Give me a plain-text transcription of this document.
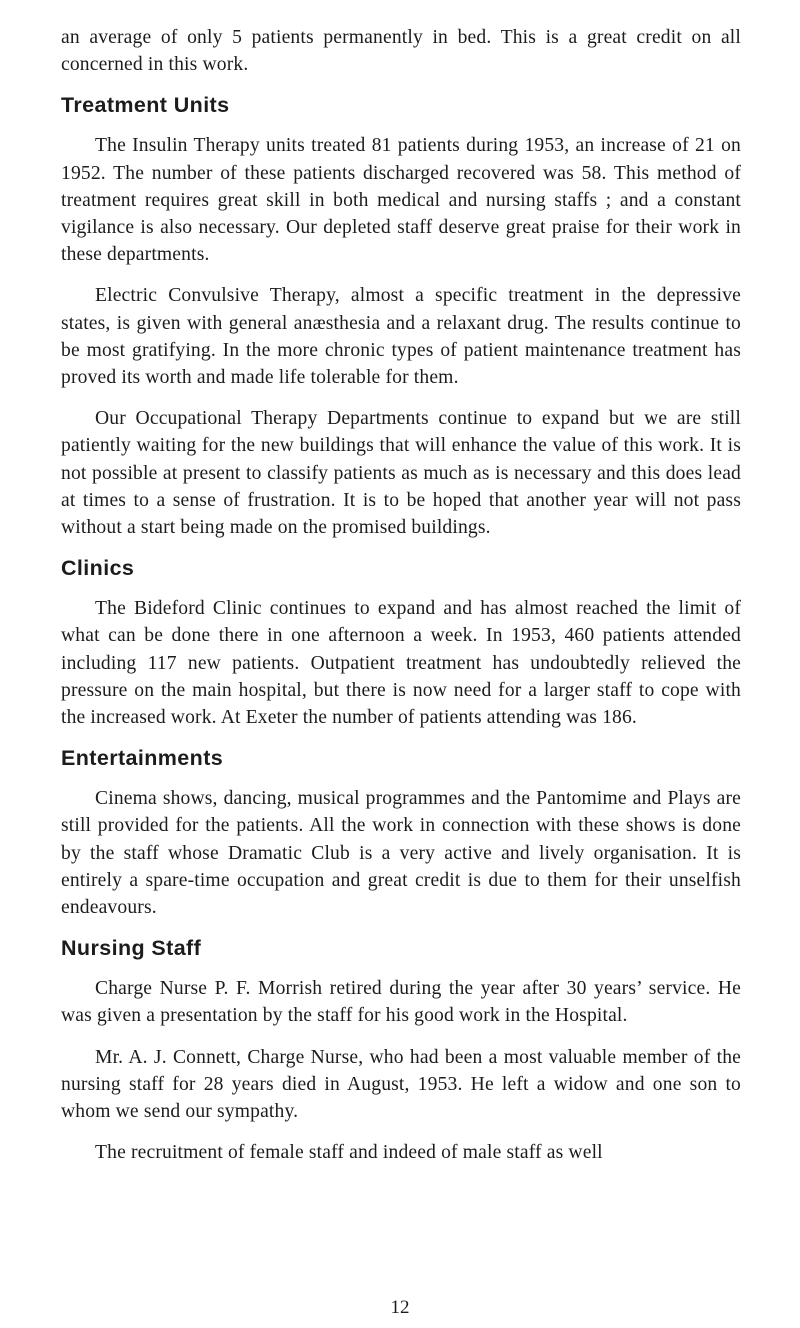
an average of only 5 patients permanently in bed. This is a great credit on all concerned in this work.

Treatment Units

The Insulin Therapy units treated 81 patients during 1953, an increase of 21 on 1952. The number of these patients discharged recovered was 58. This method of treatment requires great skill in both medical and nursing staffs ; and a constant vigilance is also necessary. Our depleted staff deserve great praise for their work in these departments.

Electric Convulsive Therapy, almost a specific treatment in the depressive states, is given with general anæsthesia and a relaxant drug. The results continue to be most gratifying. In the more chronic types of patient maintenance treatment has proved its worth and made life tolerable for them.

Our Occupational Therapy Departments continue to expand but we are still patiently waiting for the new buildings that will enhance the value of this work. It is not possible at present to classify patients as much as is necessary and this does lead at times to a sense of frustration. It is to be hoped that another year will not pass without a start being made on the promised buildings.

Clinics

The Bideford Clinic continues to expand and has almost reached the limit of what can be done there in one afternoon a week. In 1953, 460 patients attended including 117 new patients. Outpatient treatment has undoubtedly relieved the pressure on the main hospital, but there is now need for a larger staff to cope with the increased work. At Exeter the number of patients attending was 186.

Entertainments

Cinema shows, dancing, musical programmes and the Pantomime and Plays are still provided for the patients. All the work in connection with these shows is done by the staff whose Dramatic Club is a very active and lively organisation. It is entirely a spare-time occupation and great credit is due to them for their unselfish endeavours.

Nursing Staff

Charge Nurse P. F. Morrish retired during the year after 30 years’ service. He was given a presentation by the staff for his good work in the Hospital.

Mr. A. J. Connett, Charge Nurse, who had been a most valuable member of the nursing staff for 28 years died in August, 1953. He left a widow and one son to whom we send our sympathy.

The recruitment of female staff and indeed of male staff as well

12
